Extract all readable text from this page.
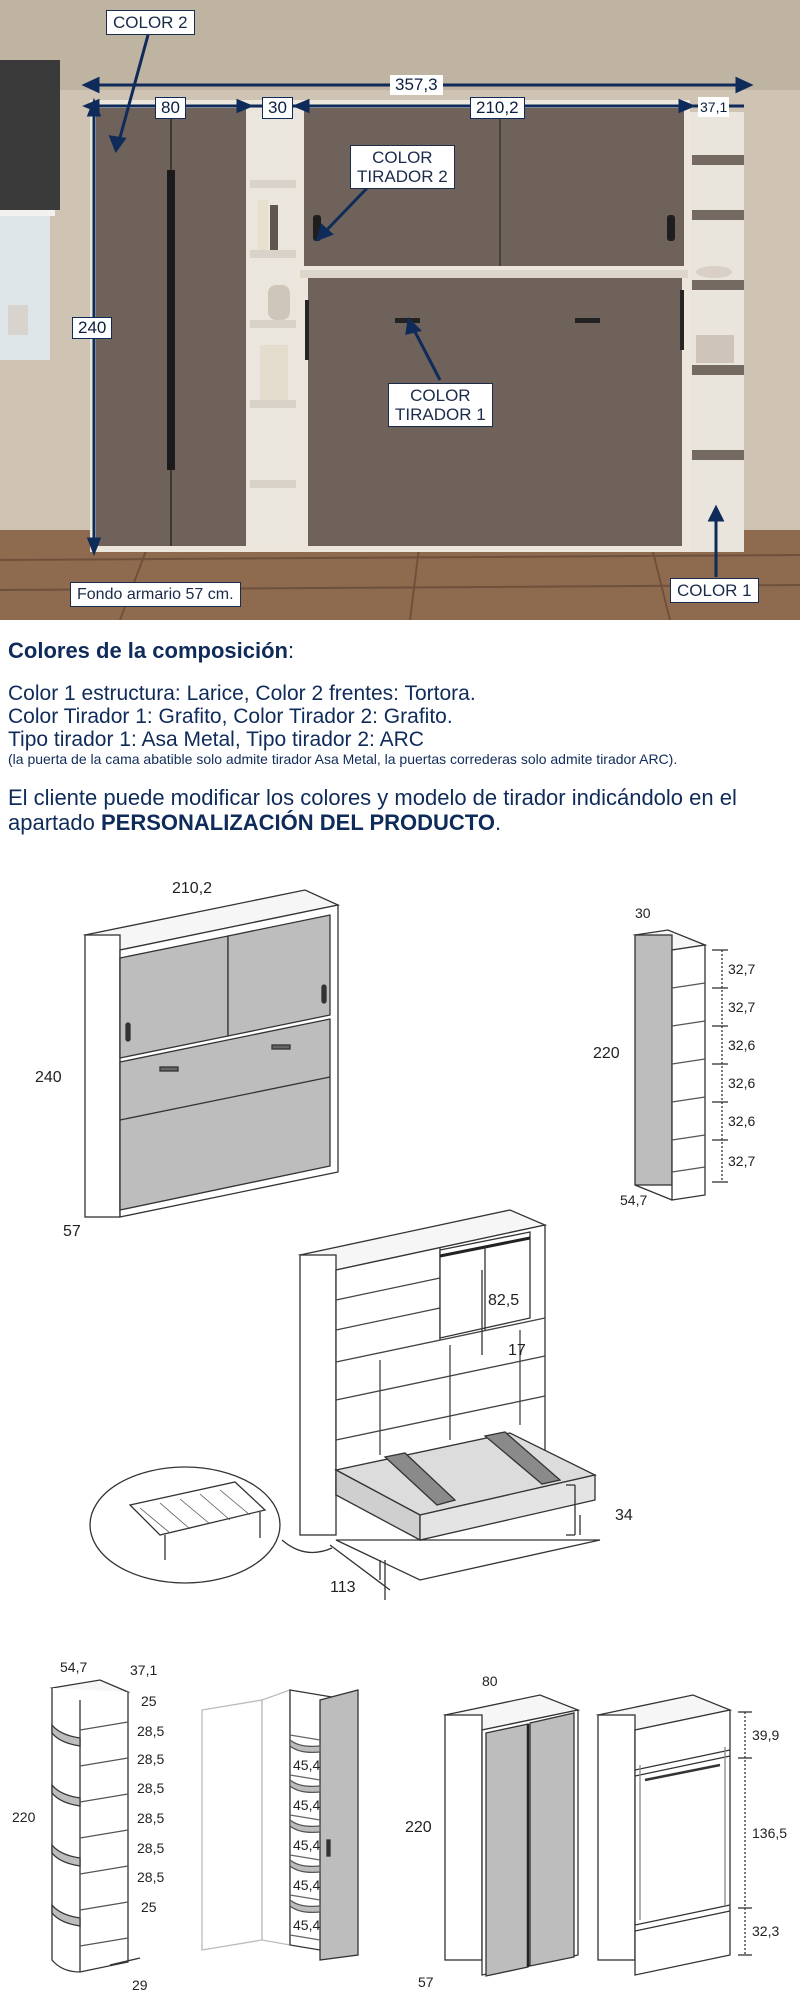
357,3
80	30	210,2	37,1
240
COLOR 2
COLOR
TIRADOR 2
COLOR
TIRADOR 1
COLOR 1
Fondo armario 57 cm.
Colores de la composición:
Color 1 estructura: Larice, Color 2 frentes: Tortora.
Color Tirador 1: Grafito, Color Tirador 2: Grafito.
Tipo tirador 1: Asa Metal, Tipo tirador 2: ARC
(la puerta de la cama abatible solo admite tirador Asa Metal, la puertas correderas solo admite tirador ARC).
El cliente puede modificar los colores y modelo de tirador indicándolo en el apartado PERSONALIZACIÓN DEL PRODUCTO.
210,2
240
57
30
220
54,7
32,7
32,7
32,6
32,6
32,6
32,7
82,5
17
113
34
54,7	37,1
220
29
25
28,5
28,5
28,5
28,5
28,5
28,5
25
45,4
45,4
45,4
45,4
45,4
80
220
57
39,9
136,5
32,3
